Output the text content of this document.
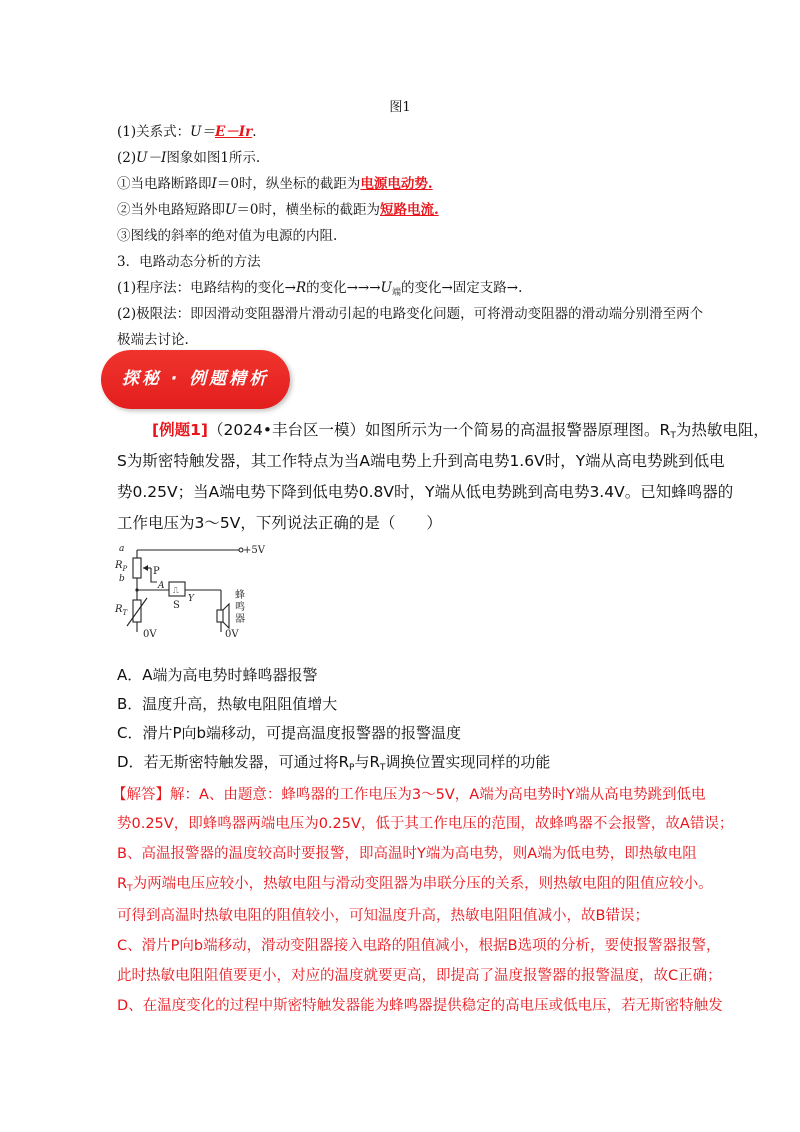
图1
(1)关系式：U＝E－Ir.
(2)U－I图象如图1所示.
①当电路断路即I＝0时，纵坐标的截距为电源电动势.
②当外电路短路即U＝0时，横坐标的截距为短路电流.
③图线的斜率的绝对值为电源的内阻.
3．电路动态分析的方法
(1)程序法：电路结构的变化→R的变化$\to\to\to U_端$的变化→固定支路→.
(2)极限法：即因滑动变阻器滑片滑动引起的电路变化问题，可将滑动变阻器的滑动端分别滑至两个
极端去讨论.
探秘 · 例题精析
[例题1]（2024•丰台区一模）如图所示为一个简易的高温报警器原理图。$R_T$为热敏电阻，
S为斯密特触发器，其工作特点为当A端电势上升到高电势1.6V时，Y端从高电势跳到低电
势0.25V；当A端电势下降到低电势0.8V时，Y端从低电势跳到高电势3.4V。已知蜂鸣器的
工作电压为3～5V，下列说法正确的是（　　）
⎍
a
b
$R_P$	P
+5V
$R_T$
0V	0V
A
S
Y	蜂
鸣
器
A．A端为高电势时蜂鸣器报警
B．温度升高，热敏电阻阻值增大
C．滑片P向b端移动，可提高温度报警器的报警温度
D．若无斯密特触发器，可通过将$R_P$与$R_T$调换位置实现同样的功能
【解答】解：A、由题意：蜂鸣器的工作电压为3～5V，A端为高电势时Y端从高电势跳到低电
势0.25V，即蜂鸣器两端电压为0.25V，低于其工作电压的范围，故蜂鸣器不会报警，故A错误；
B、高温报警器的温度较高时要报警，即高温时Y端为高电势，则A端为低电势，即热敏电阻
$R_T$为两端电压应较小，热敏电阻与滑动变阻器为串联分压的关系，则热敏电阻的阻值应较小。
可得到高温时热敏电阻的阻值较小，可知温度升高，热敏电阻阻值减小，故B错误；
C、滑片P向b端移动，滑动变阻器接入电路的阻值减小，根据B选项的分析，要使报警器报警，
此时热敏电阻阻值要更小，对应的温度就要更高，即提高了温度报警器的报警温度，故C正确；
D、在温度变化的过程中斯密特触发器能为蜂鸣器提供稳定的高电压或低电压，若无斯密特触发
